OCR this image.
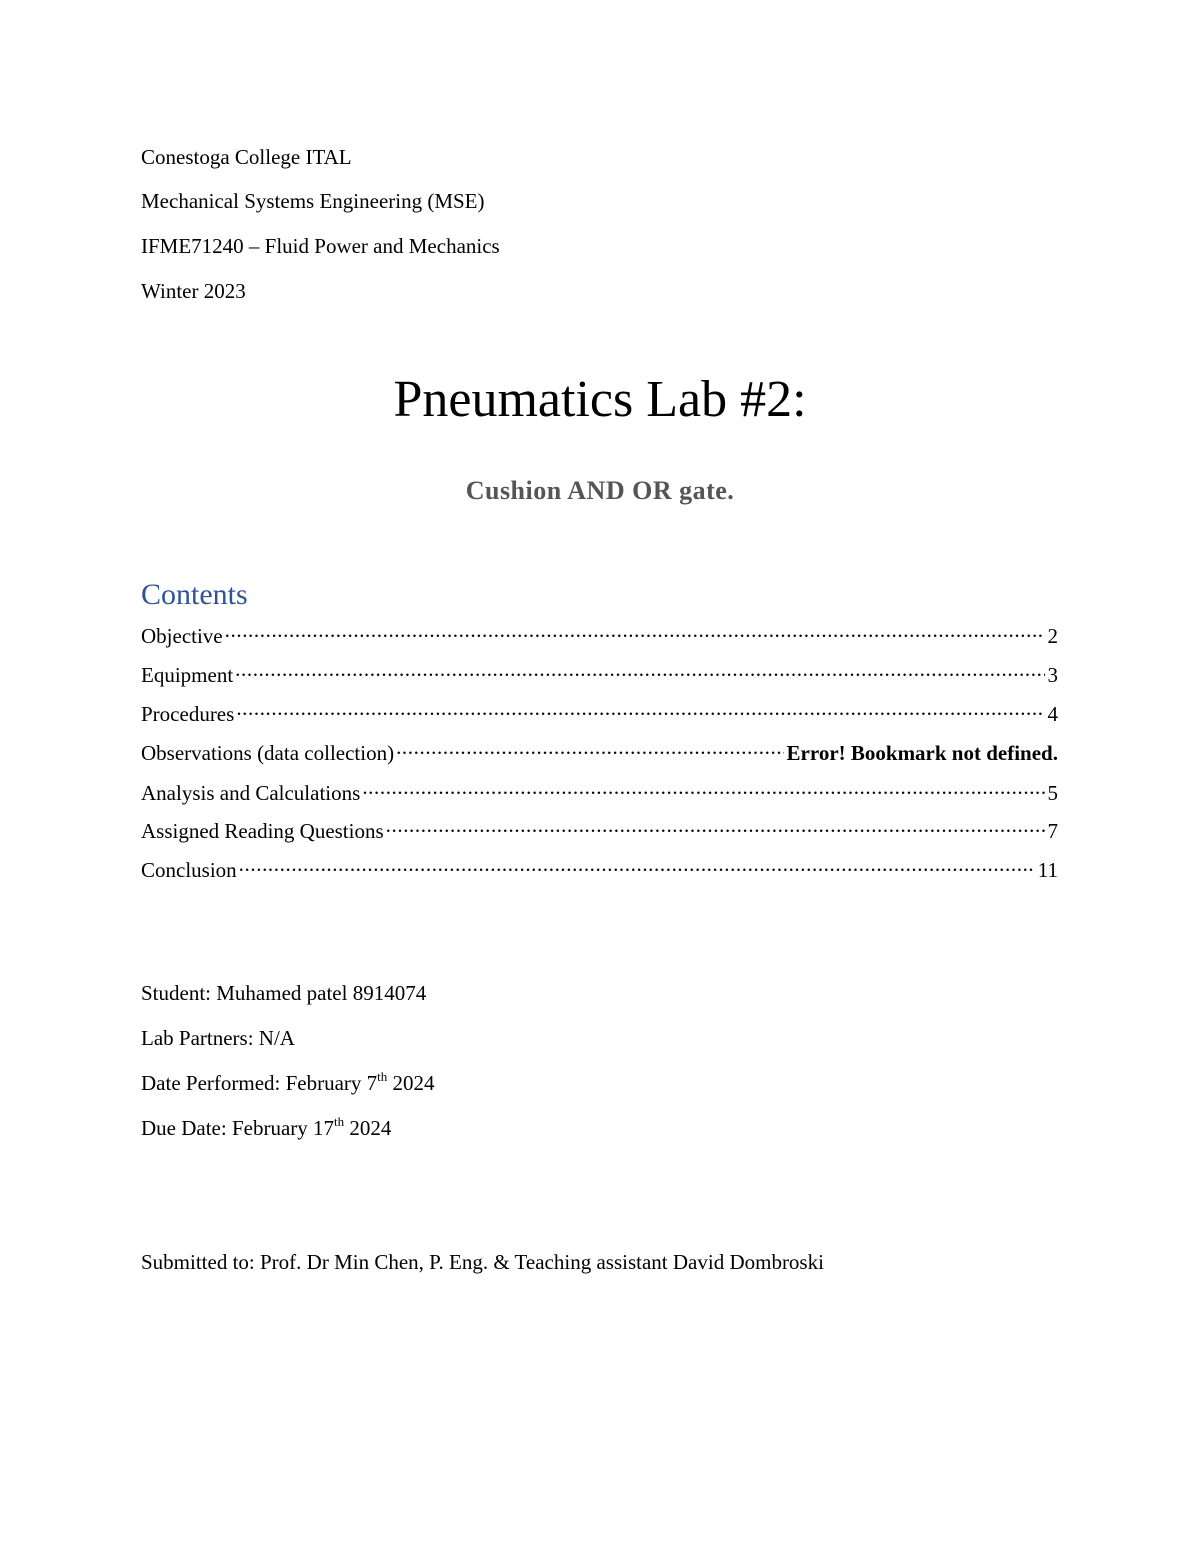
Conestoga College ITAL
Mechanical Systems Engineering (MSE)
IFME71240 – Fluid Power and Mechanics
Winter 2023
Pneumatics Lab #2:
Cushion AND OR gate.
Contents
Objective .....	2
Equipment .....	3
Procedures .....	4
Observations (data collection) .....	Error! Bookmark not defined.
Analysis and Calculations .....	5
Assigned Reading Questions .....	7
Conclusion .....	11
Student: Muhamed patel 8914074
Lab Partners: N/A
Date Performed: February 7th 2024
Due Date: February 17th 2024
Submitted to: Prof. Dr Min Chen, P. Eng. & Teaching assistant David Dombroski
